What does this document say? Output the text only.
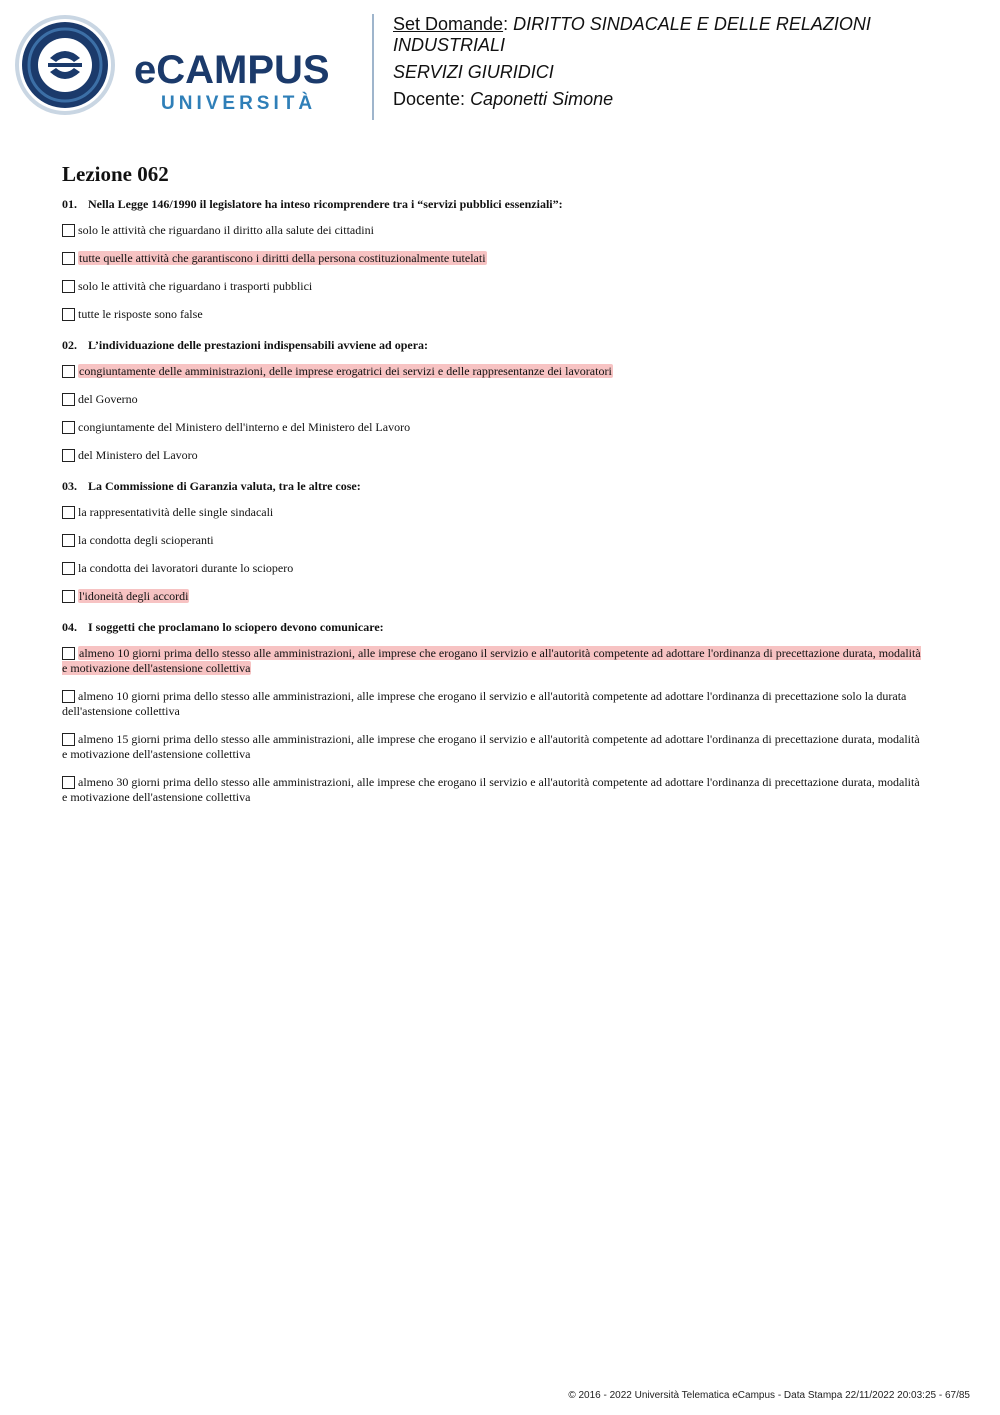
eCAMPUS
UNIVERSITÀ

Set Domande: DIRITTO SINDACALE E DELLE RELAZIONI INDUSTRIALI

SERVIZI GIURIDICI

Docente: Caponetti Simone

Lezione 062

01. Nella Legge 146/1990 il legislatore ha inteso ricomprendere tra i “servizi pubblici essenziali”:

solo le attività che riguardano il diritto alla salute dei cittadini

tutte quelle attività che garantiscono i diritti della persona costituzionalmente tutelati

solo le attività che riguardano i trasporti pubblici

tutte le risposte sono false

02. L’individuazione delle prestazioni indispensabili avviene ad opera:

congiuntamente delle amministrazioni, delle imprese erogatrici dei servizi e delle rappresentanze dei lavoratori

del Governo

congiuntamente del Ministero dell'interno e del Ministero del Lavoro

del Ministero del Lavoro

03. La Commissione di Garanzia valuta, tra le altre cose:

la rappresentatività delle single sindacali

la condotta degli scioperanti

la condotta dei lavoratori durante lo sciopero

l'idoneità degli accordi

04. I soggetti che proclamano lo sciopero devono comunicare:

almeno 10 giorni prima dello stesso alle amministrazioni, alle imprese che erogano il servizio e all'autorità competente ad adottare l'ordinanza di precettazione durata, modalità e motivazione dell'astensione collettiva

almeno 10 giorni prima dello stesso alle amministrazioni, alle imprese che erogano il servizio e all'autorità competente ad adottare l'ordinanza di precettazione solo la durata dell'astensione collettiva

almeno 15 giorni prima dello stesso alle amministrazioni, alle imprese che erogano il servizio e all'autorità competente ad adottare l'ordinanza di precettazione durata, modalità e motivazione dell'astensione collettiva

almeno 30 giorni prima dello stesso alle amministrazioni, alle imprese che erogano il servizio e all'autorità competente ad adottare l'ordinanza di precettazione durata, modalità e motivazione dell'astensione collettiva

© 2016 - 2022 Università Telematica eCampus - Data Stampa 22/11/2022 20:03:25 - 67/85
